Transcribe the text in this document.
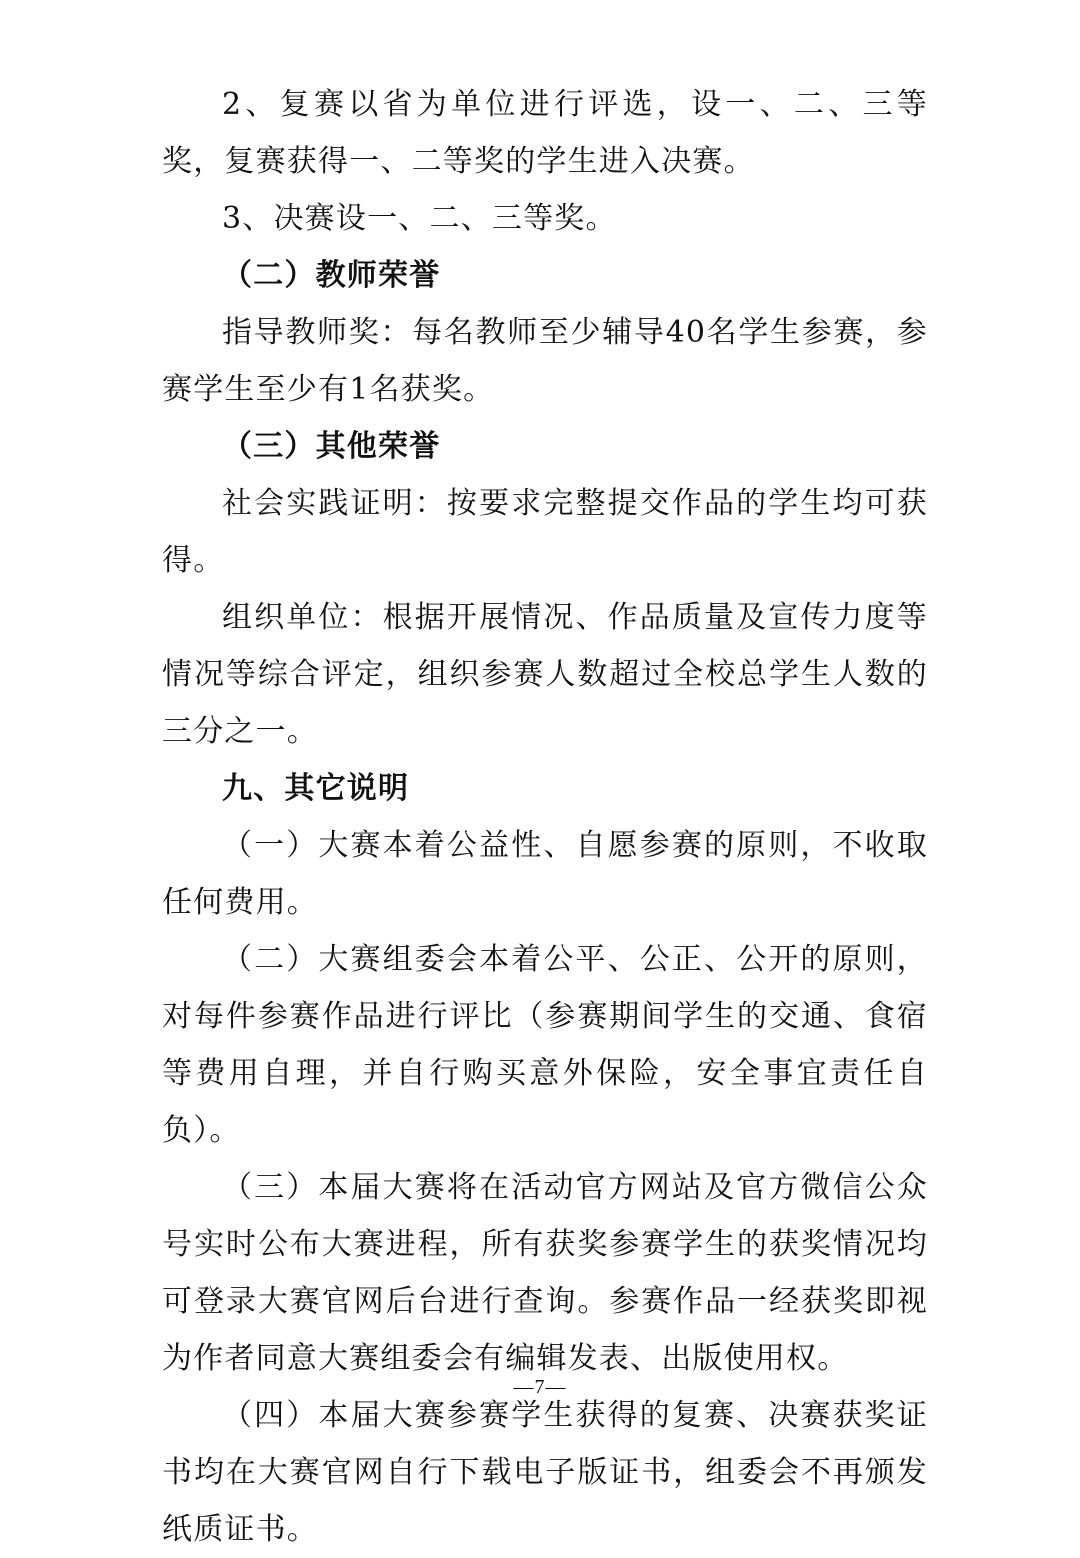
2、复赛以省为单位进行评选，设一、二、三等奖，复赛获得一、二等奖的学生进入决赛。

3、决赛设一、二、三等奖。

（二）教师荣誉

指导教师奖：每名教师至少辅导40名学生参赛，参赛学生至少有1名获奖。

（三）其他荣誉

社会实践证明：按要求完整提交作品的学生均可获得。

组织单位：根据开展情况、作品质量及宣传力度等情况等综合评定，组织参赛人数超过全校总学生人数的三分之一。

九、其它说明

（一）大赛本着公益性、自愿参赛的原则，不收取任何费用。

（二）大赛组委会本着公平、公正、公开的原则，对每件参赛作品进行评比（参赛期间学生的交通、食宿等费用自理，并自行购买意外保险，安全事宜责任自负）。

（三）本届大赛将在活动官方网站及官方微信公众号实时公布大赛进程，所有获奖参赛学生的获奖情况均可登录大赛官网后台进行查询。参赛作品一经获奖即视为作者同意大赛组委会有编辑发表、出版使用权。

（四）本届大赛参赛学生获得的复赛、决赛获奖证书均在大赛官网自行下载电子版证书，组委会不再颁发纸质证书。

—7—
